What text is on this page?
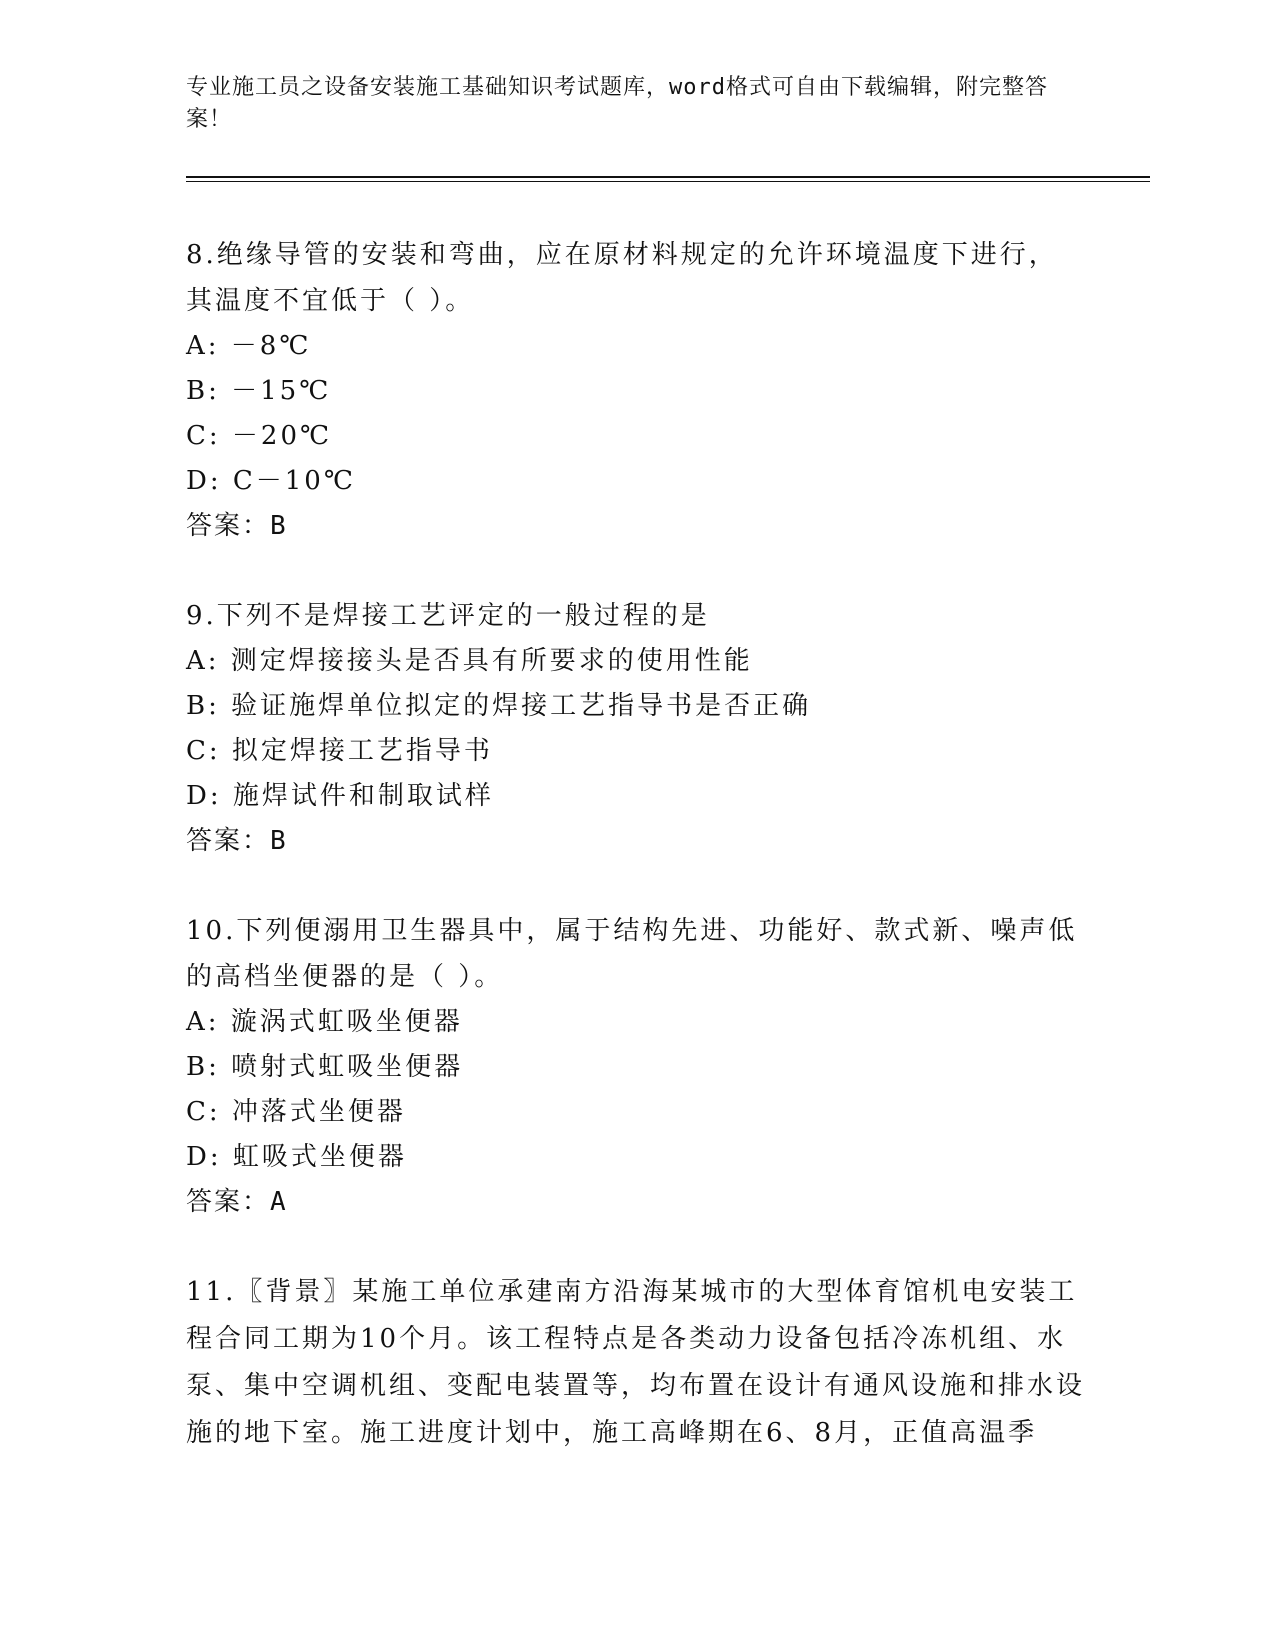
专业施工员之设备安装施工基础知识考试题库，word格式可自由下载编辑，附完整答案！
8.绝缘导管的安装和弯曲，应在原材料规定的允许环境温度下进行，其温度不宜低于（ ）。
A: －8℃
B: －15℃
C: －20℃
D: C－10℃
答案：B
9.下列不是焊接工艺评定的一般过程的是
A: 测定焊接接头是否具有所要求的使用性能
B: 验证施焊单位拟定的焊接工艺指导书是否正确
C: 拟定焊接工艺指导书
D: 施焊试件和制取试样
答案：B
10.下列便溺用卫生器具中，属于结构先进、功能好、款式新、噪声低的高档坐便器的是（ ）。
A: 漩涡式虹吸坐便器
B: 喷射式虹吸坐便器
C: 冲落式坐便器
D: 虹吸式坐便器
答案：A
11.〖背景〗某施工单位承建南方沿海某城市的大型体育馆机电安装工程合同工期为10个月。该工程特点是各类动力设备包括冷冻机组、水泵、集中空调机组、变配电装置等，均布置在设计有通风设施和排水设施的地下室。施工进度计划中，施工高峰期在6、8月，正值高温季
